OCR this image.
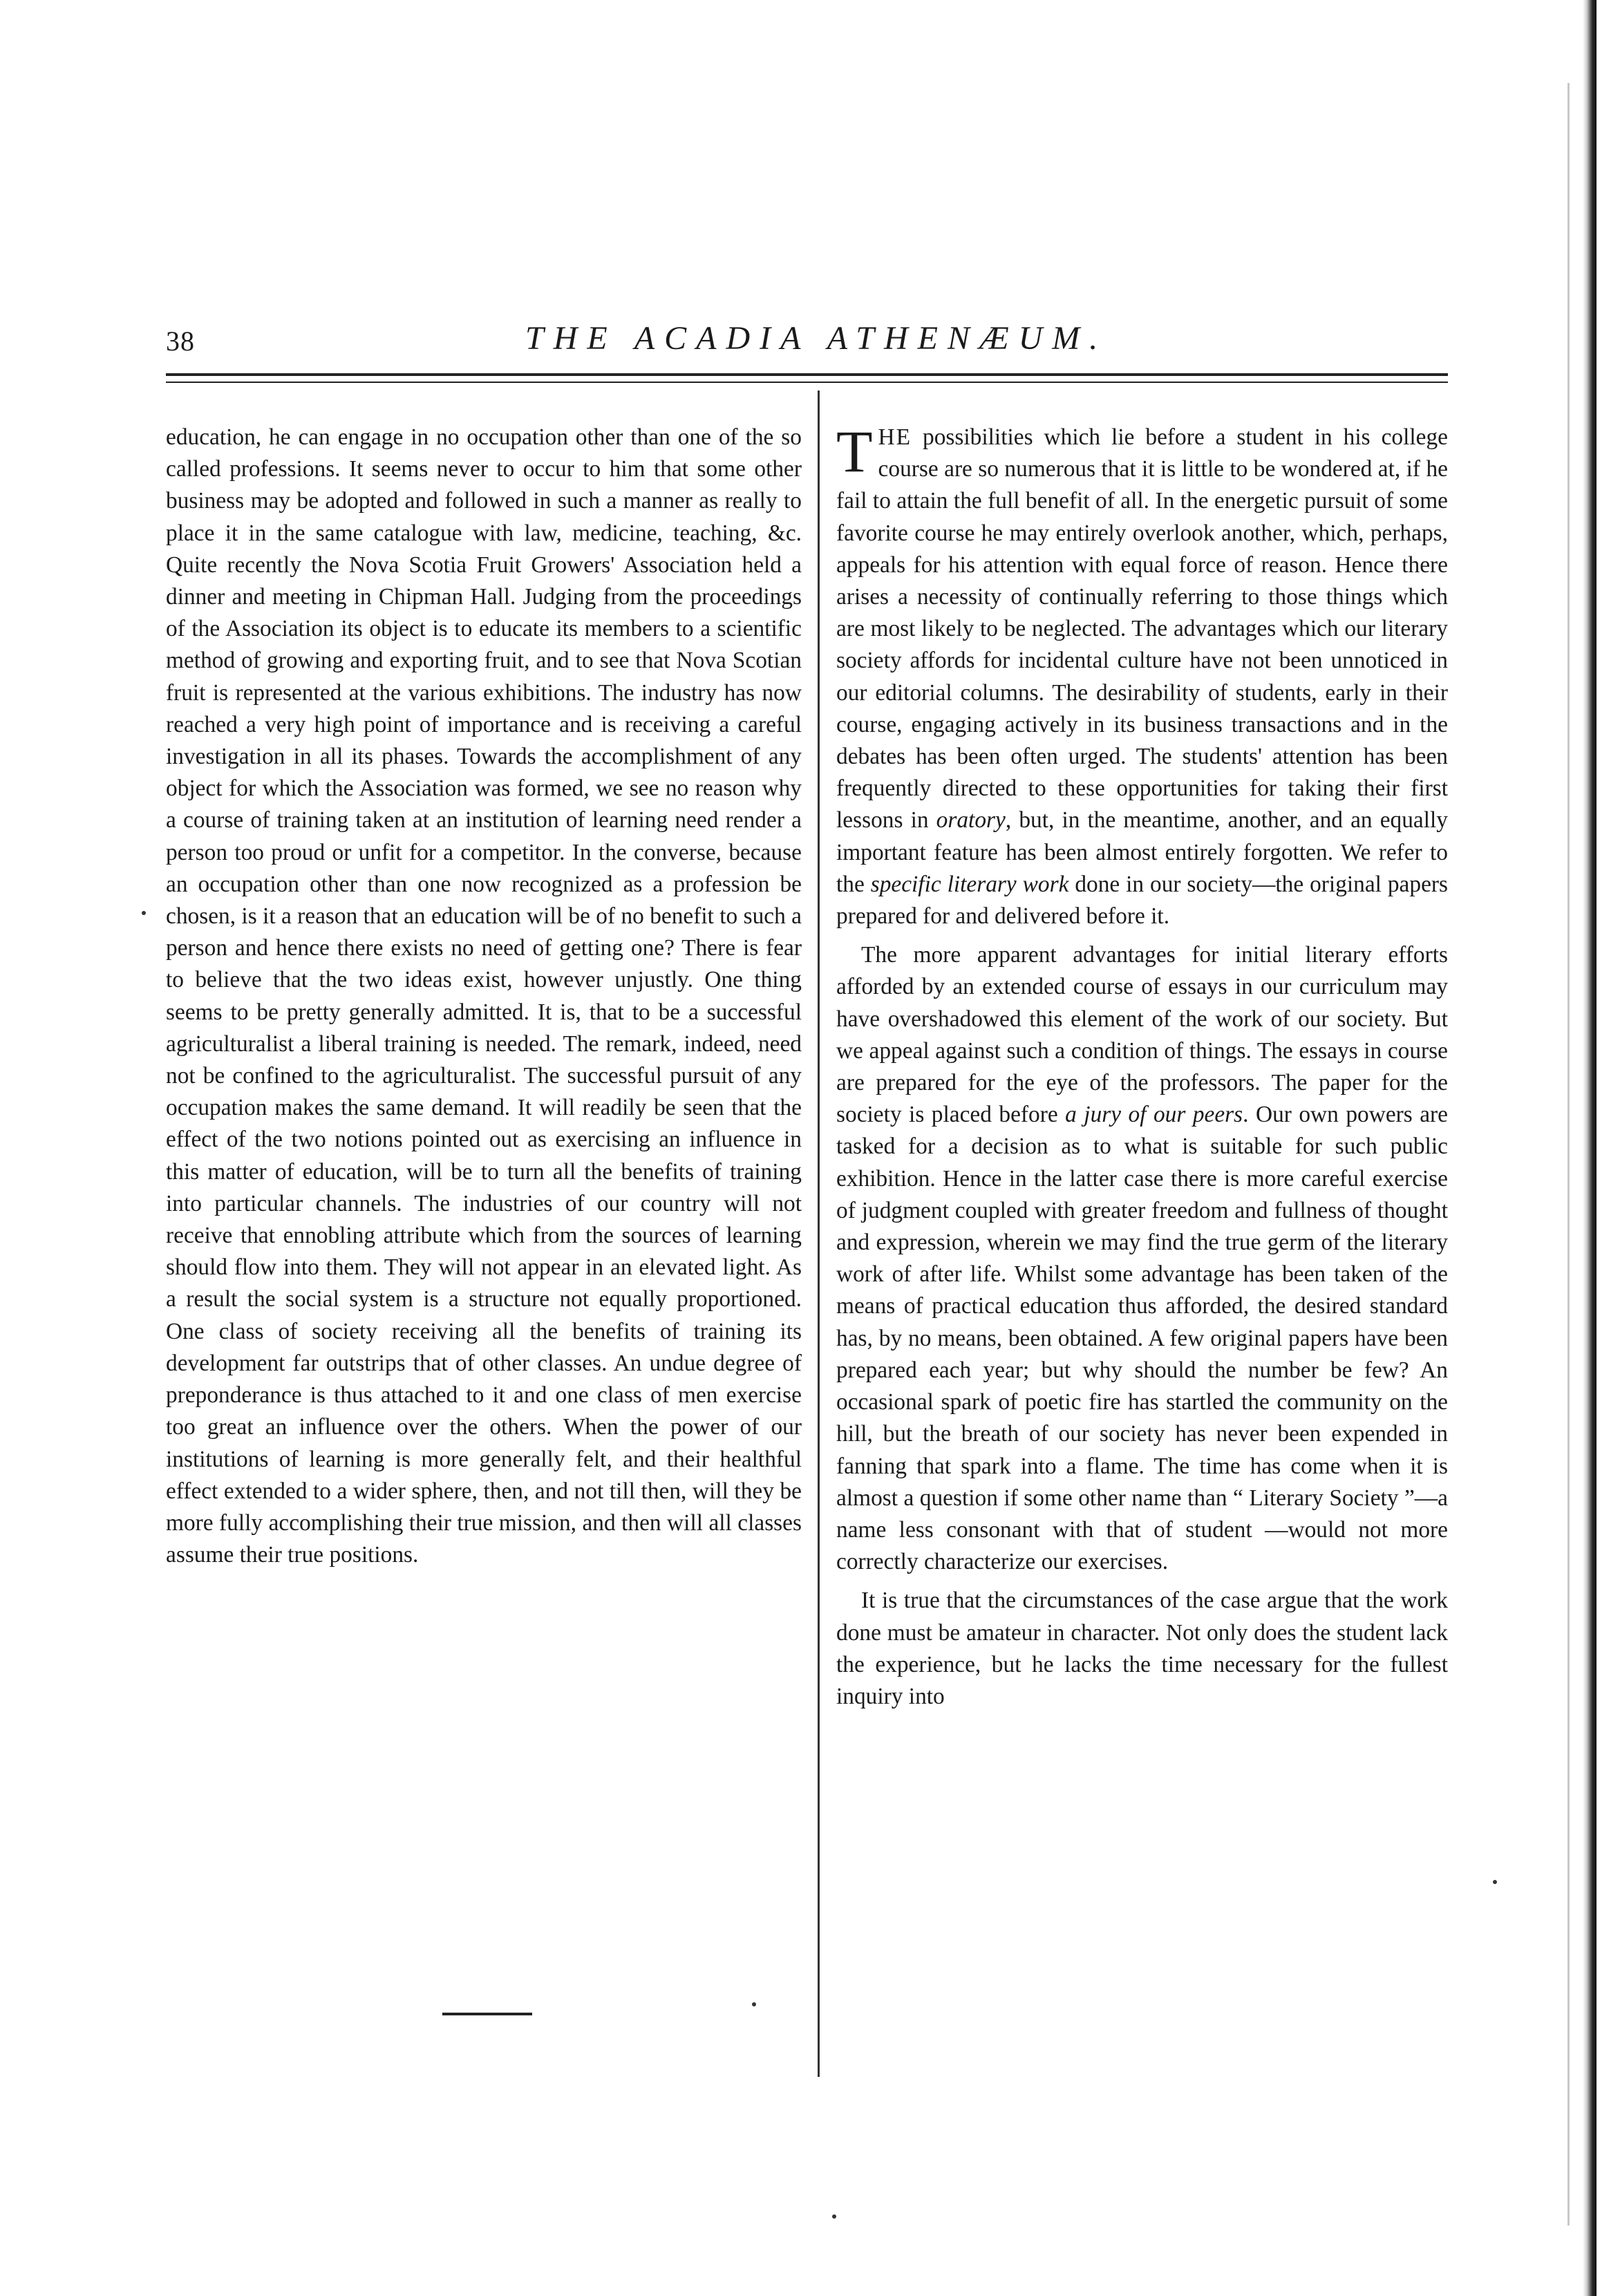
38	THE ACADIA ATHENÆUM.

education, he can engage in no occupation other than one of the so called professions. It seems never to occur to him that some other business may be adopted and followed in such a manner as really to place it in the same catalogue with law, medicine, teaching, &c. Quite recently the Nova Scotia Fruit Growers' Association held a dinner and meeting in Chipman Hall. Judging from the proceedings of the Association its object is to educate its members to a scientific method of growing and exporting fruit, and to see that Nova Scotian fruit is represented at the various exhibitions. The industry has now reached a very high point of importance and is receiving a careful investigation in all its phases. Towards the accomplishment of any object for which the Association was formed, we see no reason why a course of training taken at an institution of learning need render a person too proud or unfit for a competitor. In the converse, because an occupation other than one now recognized as a profession be chosen, is it a reason that an education will be of no benefit to such a person and hence there exists no need of getting one? There is fear to believe that the two ideas exist, however unjustly. One thing seems to be pretty generally admitted. It is, that to be a successful agriculturalist a liberal training is needed. The remark, indeed, need not be confined to the agriculturalist. The successful pursuit of any occupation makes the same demand. It will readily be seen that the effect of the two notions pointed out as exercising an influence in this matter of education, will be to turn all the benefits of training into particular channels. The industries of our country will not receive that ennobling attribute which from the sources of learning should flow into them. They will not appear in an elevated light. As a result the social system is a structure not equally proportioned. One class of society receiving all the benefits of training its development far outstrips that of other classes. An undue degree of preponderance is thus attached to it and one class of men exercise too great an influence over the others. When the power of our institutions of learning is more generally felt, and their healthful effect extended to a wider sphere, then, and not till then, will they be more fully accomplishing their true mission, and then will all classes assume their true positions.

THE possibilities which lie before a student in his college course are so numerous that it is little to be wondered at, if he fail to attain the full benefit of all. In the energetic pursuit of some favorite course he may entirely overlook another, which, perhaps, appeals for his attention with equal force of reason. Hence there arises a necessity of continually referring to those things which are most likely to be neglected. The advantages which our literary society affords for incidental culture have not been unnoticed in our editorial columns. The desirability of students, early in their course, engaging actively in its business transactions and in the debates has been often urged. The students' attention has been frequently directed to these opportunities for taking their first lessons in oratory, but, in the meantime, another, and an equally important feature has been almost entirely forgotten. We refer to the specific literary work done in our society—the original papers prepared for and delivered before it.

The more apparent advantages for initial literary efforts afforded by an extended course of essays in our curriculum may have overshadowed this element of the work of our society. But we appeal against such a condition of things. The essays in course are prepared for the eye of the professors. The paper for the society is placed before a jury of our peers. Our own powers are tasked for a decision as to what is suitable for such public exhibition. Hence in the latter case there is more careful exercise of judgment coupled with greater freedom and fullness of thought and expression, wherein we may find the true germ of the literary work of after life. Whilst some advantage has been taken of the means of practical education thus afforded, the desired standard has, by no means, been obtained. A few original papers have been prepared each year; but why should the number be few? An occasional spark of poetic fire has startled the community on the hill, but the breath of our society has never been expended in fanning that spark into a flame. The time has come when it is almost a question if some other name than “ Literary Society ”—a name less consonant with that of student —would not more correctly characterize our exercises.

It is true that the circumstances of the case argue that the work done must be amateur in character. Not only does the student lack the experience, but he lacks the time necessary for the fullest inquiry into
